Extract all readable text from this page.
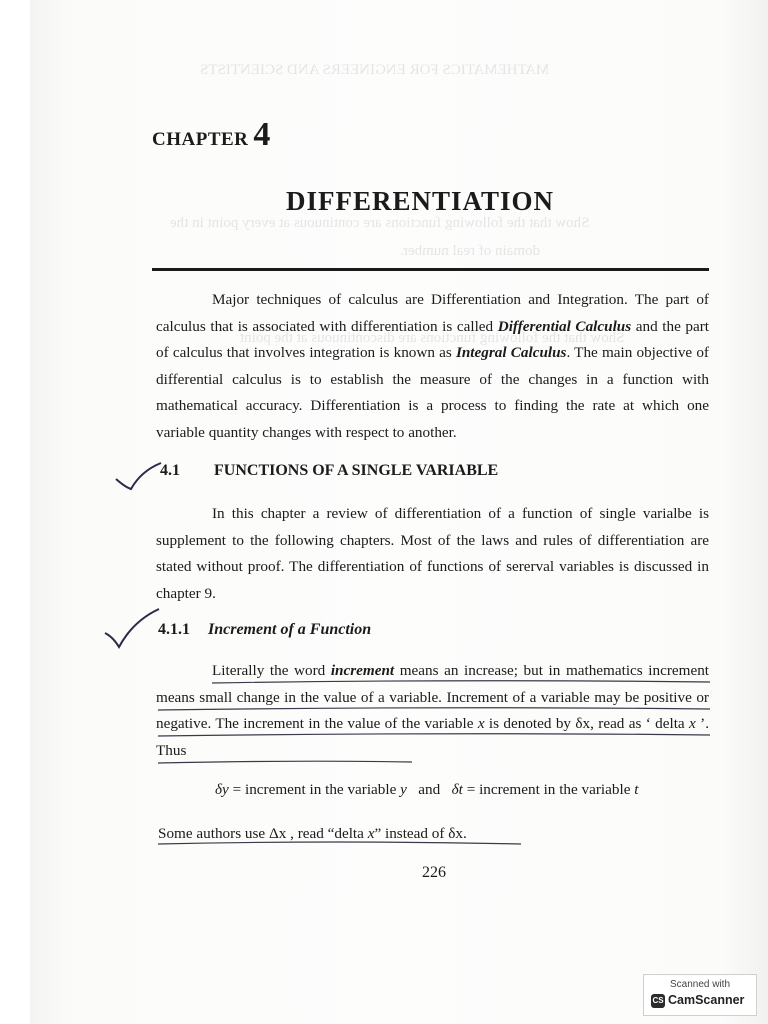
MATHEMATICS FOR ENGINEERS AND SCIENTISTS
Show that the following functions are continuous at every point in the
domain of real number.
Show that the following functions are discontinuous at the point
CHAPTER 4
DIFFERENTIATION
Major techniques of calculus are Differentiation and Integration. The part of calculus that is associated with differentiation is called Differential Calculus and the part of calculus that involves integration is known as Integral Calculus. The main objective of differential calculus is to establish the measure of the changes in a function with mathematical accuracy. Differentiation is a process to finding the rate at which one variable quantity changes with respect to another.
4.1 FUNCTIONS OF A SINGLE VARIABLE
In this chapter a review of differentiation of a function of single varialbe is supplement to the following chapters. Most of the laws and rules of differentiation are stated without proof. The differentiation of functions of sererval variables is discussed in chapter 9.
4.1.1 Increment of a Function
Literally the word increment means an increase; but in mathematics increment means small change in the value of a variable. Increment of a variable may be positive or negative. The increment in the value of the variable x is denoted by δx, read as ‘ delta x ’. Thus
δy = increment in the variable y and δt = increment in the variable t
Some authors use Δx , read “delta x” instead of δx.
226
Scanned with
CS CamScanner
